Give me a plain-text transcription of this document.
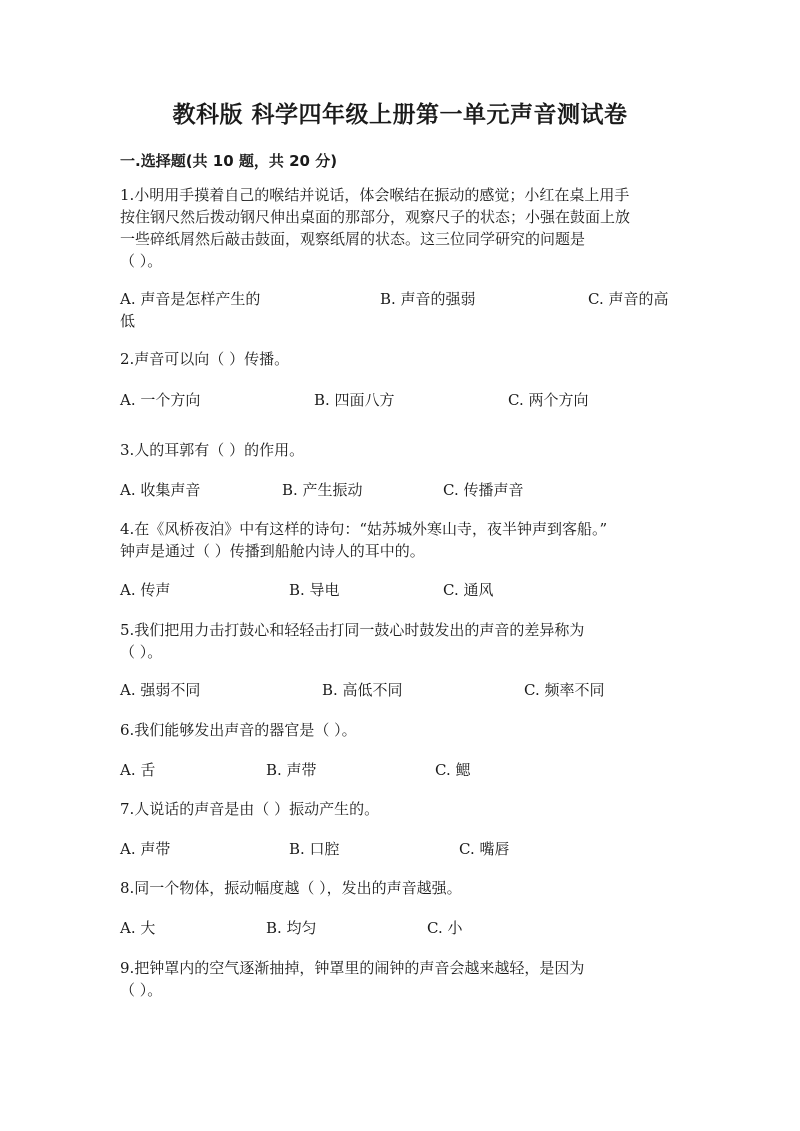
教科版 科学四年级上册第一单元声音测试卷
一.选择题(共 10 题，共 20 分)
1.小明用手摸着自己的喉结并说话，体会喉结在振动的感觉；小红在桌上用手
按住钢尺然后拨动钢尺伸出桌面的那部分，观察尺子的状态；小强在鼓面上放
一些碎纸屑然后敲击鼓面，观察纸屑的状态。这三位同学研究的问题是
（ ）。
A. 声音是怎样产生的	B. 声音的强弱	C. 声音的高
低
2.声音可以向（ ）传播。
A. 一个方向	B. 四面八方	C. 两个方向
3.人的耳郭有（ ）的作用。
A. 收集声音	B. 产生振动	C. 传播声音
4.在《风桥夜泊》中有这样的诗句：“姑苏城外寒山寺，夜半钟声到客船。”
钟声是通过（ ）传播到船舱内诗人的耳中的。
A. 传声	B. 导电	C. 通风
5.我们把用力击打鼓心和轻轻击打同一鼓心时鼓发出的声音的差异称为
（ ）。
A. 强弱不同	B. 高低不同	C. 频率不同
6.我们能够发出声音的器官是（ ）。
A. 舌	B. 声带	C. 鳃
7.人说话的声音是由（ ）振动产生的。
A. 声带	B. 口腔	C. 嘴唇
8.同一个物体，振动幅度越（ ），发出的声音越强。
A. 大	B. 均匀	C. 小
9.把钟罩内的空气逐渐抽掉，钟罩里的闹钟的声音会越来越轻，是因为
（ ）。
